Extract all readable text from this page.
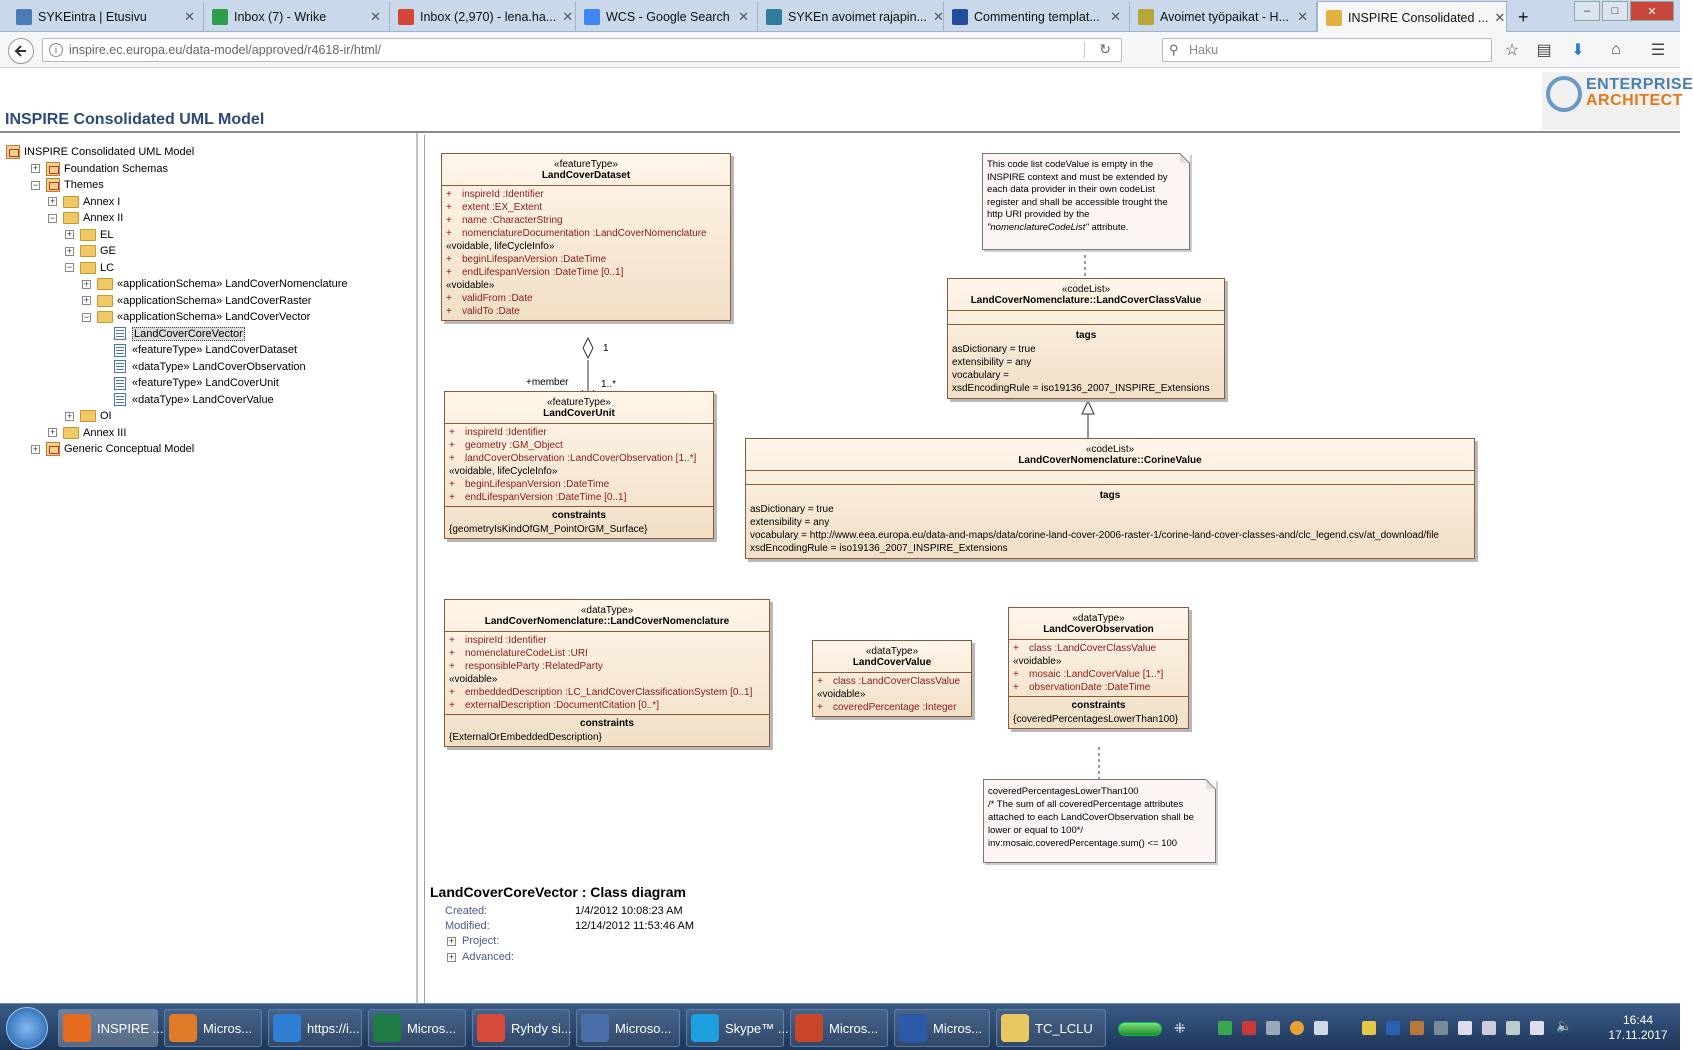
SYKEintra | Etusivu	✕	Inbox (7) - Wrike	✕	Inbox (2,970) - lena.ha... ✕	WCS - Google Search ✕	SYKEn avoimet rajapin... ✕ Commenting templat... ✕	Avoimet työpaikat - H... ✕	INSPIRE Consolidated ... ✕ +	–	□	✕
i inspire.ec.europa.eu/data-model/approved/r4618-ir/html/	↻	⚲ Haku	☆ ▤ ⬇	⌂	☰
INSPIRE Consolidated UML Model
ENTERPRISE
ARCHITECT
INSPIRE Consolidated UML Model
+ Foundation Schemas
− Themes
+	Annex I
−	Annex II
+	EL
+	GE
−	LC
+	«applicationSchema» LandCoverNomenclature
+	«applicationSchema» LandCoverRaster
−	«applicationSchema» LandCoverVector
LandCoverCoreVector
«featureType» LandCoverDataset
«dataType» LandCoverObservation
«featureType» LandCoverUnit
«dataType» LandCoverValue
+	OI
+	Annex III
+ Generic Conceptual Model
1
+member	1..*
«featureType»
LandCoverDataset
+ inspireId :Identifier
+ extent :EX_Extent
+ name :CharacterString
+ nomenclatureDocumentation :LandCoverNomenclature
«voidable, lifeCycleInfo»
+ beginLifespanVersion :DateTime
+ endLifespanVersion :DateTime [0..1]
«voidable»
+ validFrom :Date
+ validTo :Date
«featureType»
LandCoverUnit
+ inspireId :Identifier
+ geometry :GM_Object
+ landCoverObservation :LandCoverObservation [1..*]
«voidable, lifeCycleInfo»
+ beginLifespanVersion :DateTime
+ endLifespanVersion :DateTime [0..1]
constraints
{geometryIsKindOfGM_PointOrGM_Surface}
This code list codeValue is empty in the INSPIRE context and must be extended by each data provider in their own codeList register and shall be accessible trought the http URI provided by the "nomenclatureCodeList" attribute.
«codeList»
LandCoverNomenclature::LandCoverClassValue
tags
asDictionary = true
extensibility = any
vocabulary =
xsdEncodingRule = iso19136_2007_INSPIRE_Extensions
«codeList»
LandCoverNomenclature::CorineValue
tags
asDictionary = true
extensibility = any
vocabulary = http://www.eea.europa.eu/data-and-maps/data/corine-land-cover-2006-raster-1/corine-land-cover-classes-and/clc_legend.csv/at_download/file
xsdEncodingRule = iso19136_2007_INSPIRE_Extensions
«dataType»
LandCoverNomenclature::LandCoverNomenclature
+ inspireId :Identifier
+ nomenclatureCodeList :URI
+ responsibleParty :RelatedParty
«voidable»
+ embeddedDescription :LC_LandCoverClassificationSystem [0..1]
+ externalDescription :DocumentCitation [0..*]
constraints
{ExternalOrEmbeddedDescription}
«dataType»
LandCoverValue
+ class :LandCoverClassValue
«voidable»
+ coveredPercentage :Integer
«dataType»
LandCoverObservation
+ class :LandCoverClassValue
«voidable»
+ mosaic :LandCoverValue [1..*]
+ observationDate :DateTime
constraints
{coveredPercentagesLowerThan100}
coveredPercentagesLowerThan100
/* The sum of all coveredPercentage attributes
attached to each LandCoverObservation shall be
lower or equal to 100*/
inv:mosaic.coveredPercentage.sum() <= 100
LandCoverCoreVector : Class diagram
Created:	1/4/2012 10:08:23 AM
Modified:	12/14/2012 11:53:46 AM
+ Project:
+ Advanced:
INSPIRE ...	Micros...	https://i...	Micros...	Ryhdy si...	Microso...	Skype™ ...	Micros...	Micros...	TC_LCLU	⁜	🔈	16:44
17.11.2017
